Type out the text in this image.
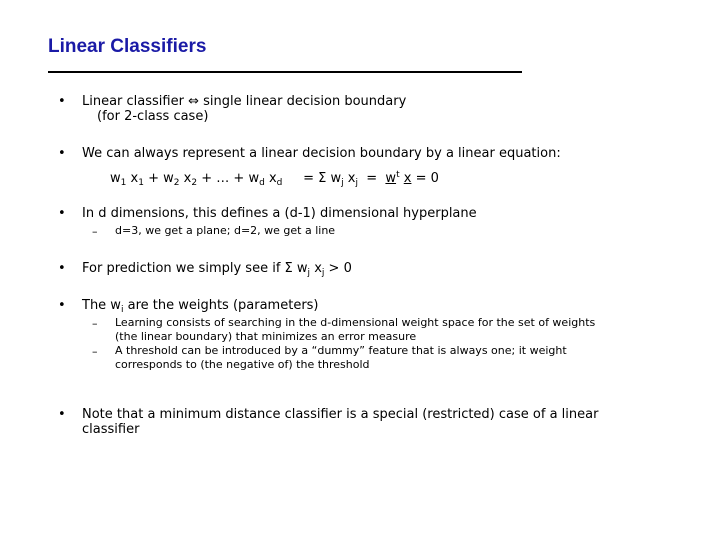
Linear Classifiers
• Linear classifier ⇔ single linear decision boundary
(for 2-class case)
• We can always represent a linear decision boundary by a linear equation:
$w_1$ $x_1 + w_2$ $x_2$ + … + $w_d$ $x_d = \Sigma$ $w_j$ $x_j = w^t$ x = 0
• In d dimensions, this defines a (d-1) dimensional hyperplane
– d=3, we get a plane; d=2, we get a line
• For prediction we simply see if Σ $w_j$ $x_j > 0$
• The $w_i$ are the weights (parameters)
– Learning consists of searching in the d-dimensional weight space for the set of weights
(the linear boundary) that minimizes an error measure
– A threshold can be introduced by a “dummy” feature that is always one; it weight
corresponds to (the negative of) the threshold
• Note that a minimum distance classifier is a special (restricted) case of a linear
classifier
